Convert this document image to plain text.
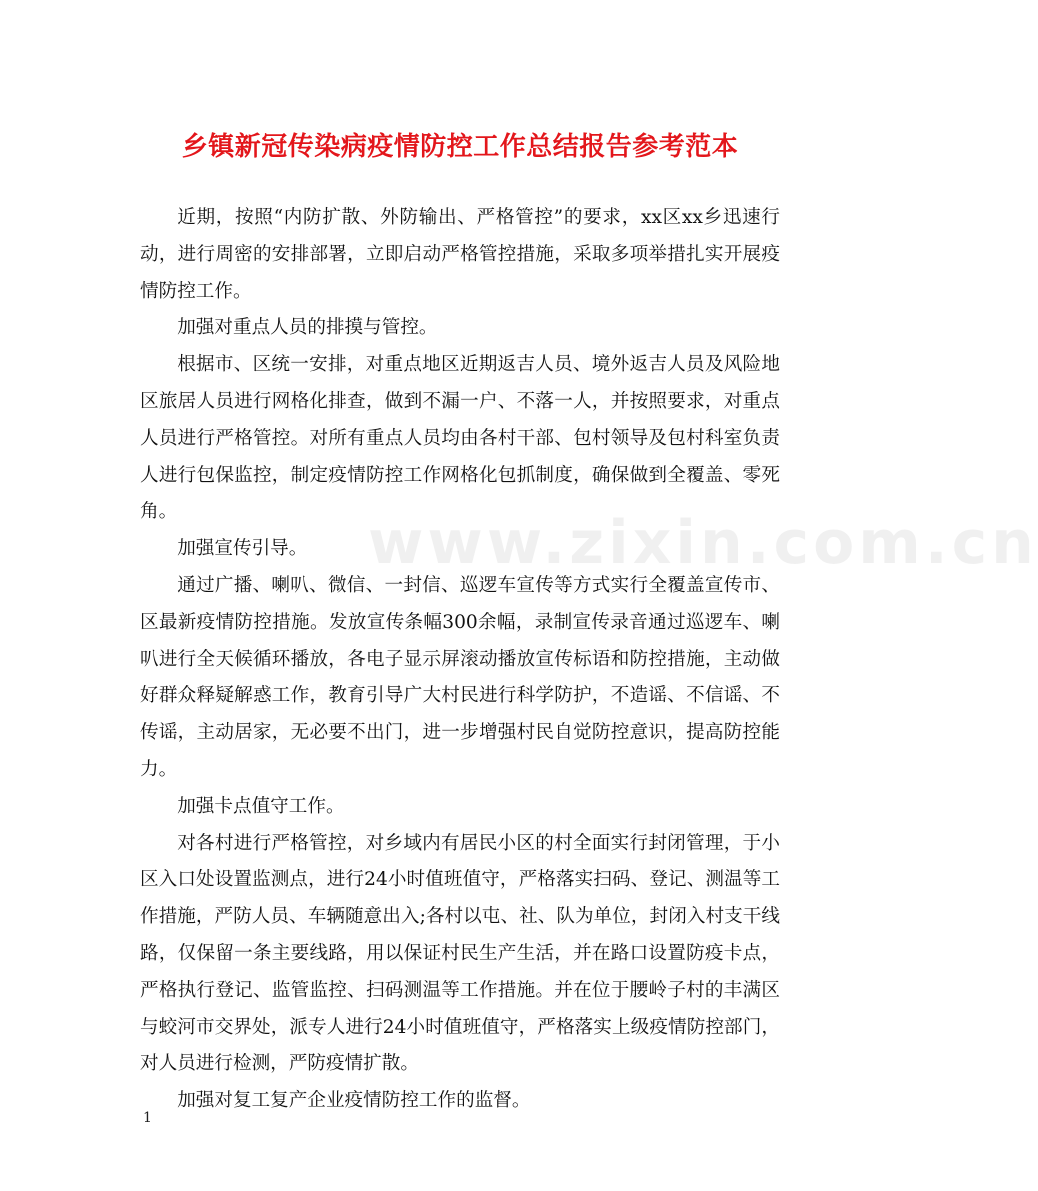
乡镇新冠传染病疫情防控工作总结报告参考范本

近期，按照“内防扩散、外防输出、严格管控”的要求，xx区xx乡迅速行动，进行周密的安排部署，立即启动严格管控措施，采取多项举措扎实开展疫情防控工作。

加强对重点人员的排摸与管控。

根据市、区统一安排，对重点地区近期返吉人员、境外返吉人员及风险地区旅居人员进行网格化排查，做到不漏一户、不落一人，并按照要求，对重点人员进行严格管控。对所有重点人员均由各村干部、包村领导及包村科室负责人进行包保监控，制定疫情防控工作网格化包抓制度，确保做到全覆盖、零死角。

加强宣传引导。

通过广播、喇叭、微信、一封信、巡逻车宣传等方式实行全覆盖宣传市、区最新疫情防控措施。发放宣传条幅300余幅，录制宣传录音通过巡逻车、喇叭进行全天候循环播放，各电子显示屏滚动播放宣传标语和防控措施，主动做好群众释疑解惑工作，教育引导广大村民进行科学防护，不造谣、不信谣、不传谣，主动居家，无必要不出门，进一步增强村民自觉防控意识，提高防控能力。

加强卡点值守工作。

对各村进行严格管控，对乡域内有居民小区的村全面实行封闭管理，于小区入口处设置监测点，进行24小时值班值守，严格落实扫码、登记、测温等工作措施，严防人员、车辆随意出入;各村以屯、社、队为单位，封闭入村支干线路，仅保留一条主要线路，用以保证村民生产生活，并在路口设置防疫卡点，严格执行登记、监管监控、扫码测温等工作措施。并在位于腰岭子村的丰满区与蛟河市交界处，派专人进行24小时值班值守，严格落实上级疫情防控部门，对人员进行检测，严防疫情扩散。

加强对复工复产企业疫情防控工作的监督。

www.zixin.com.cn
1
